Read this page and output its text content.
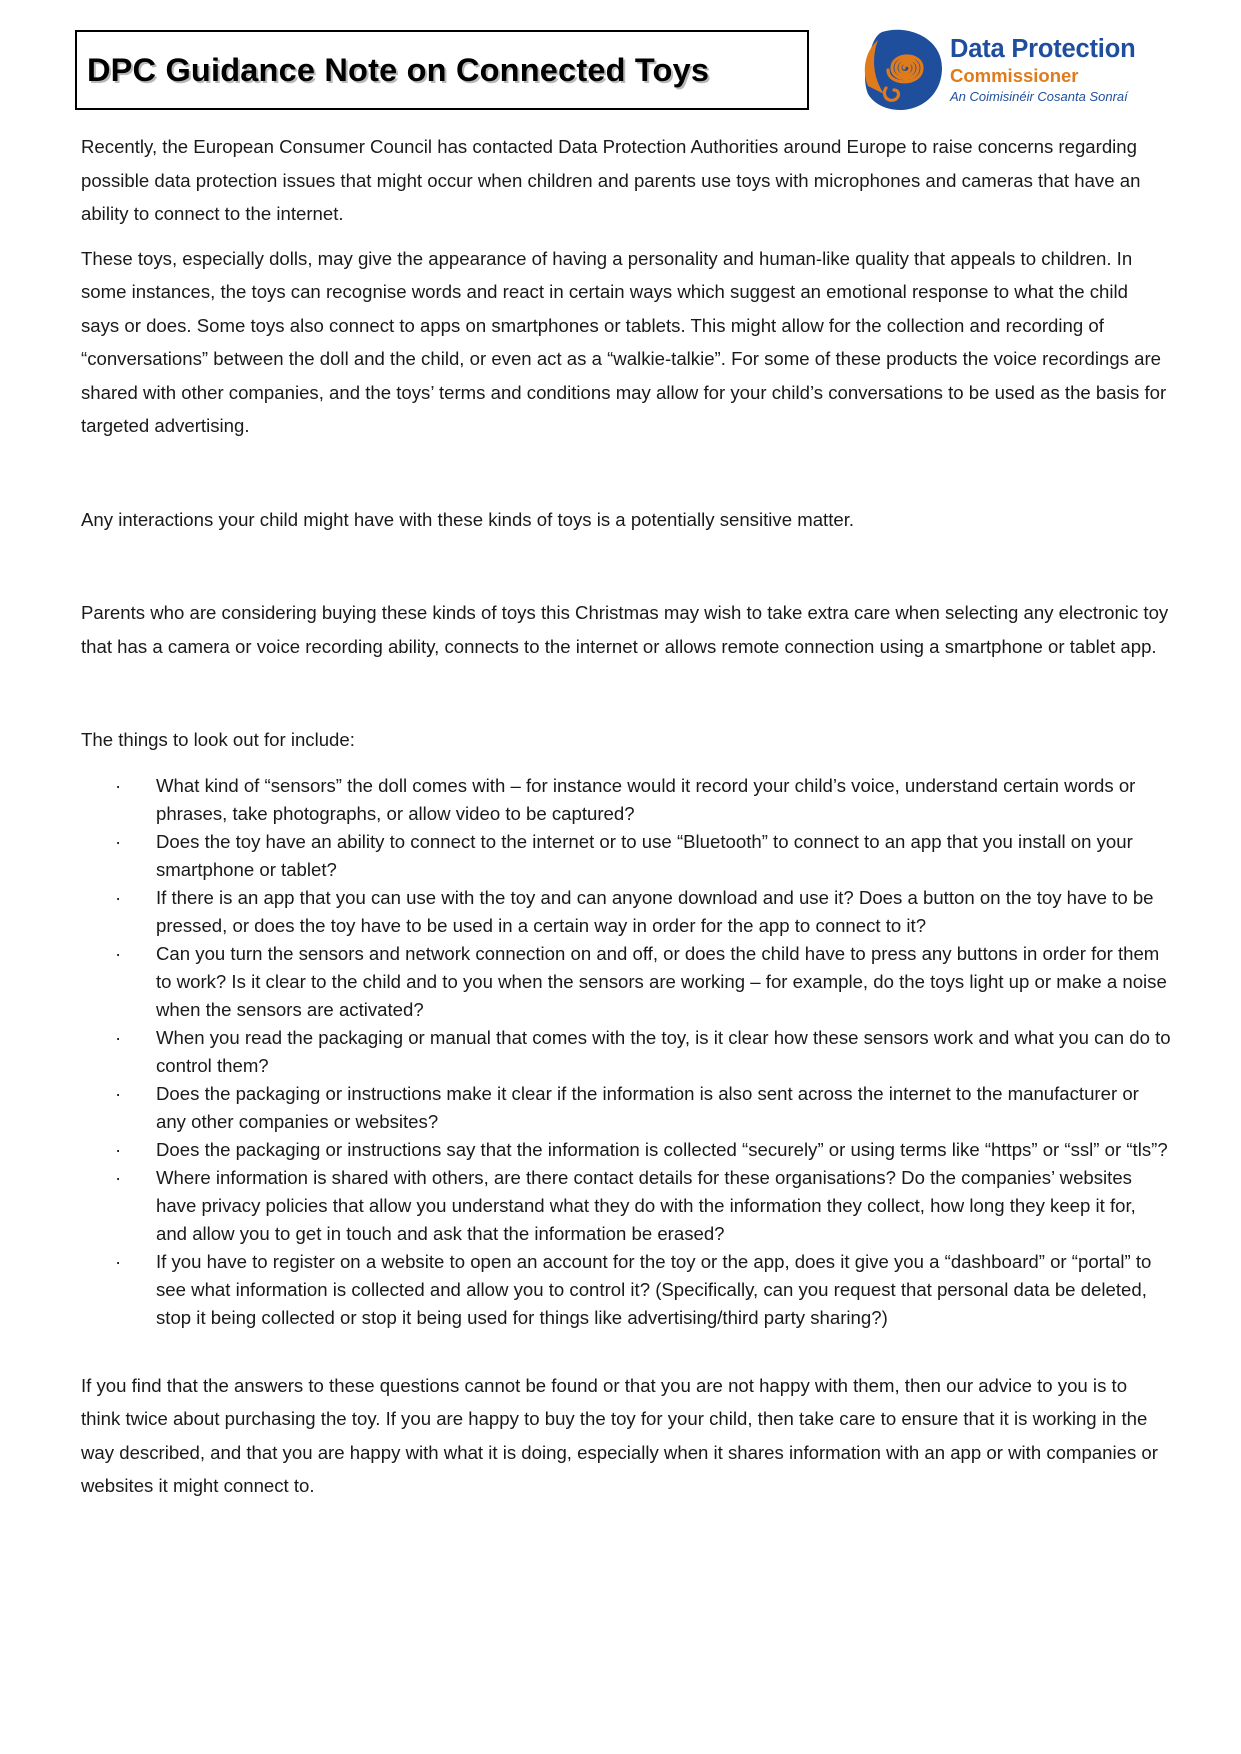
DPC Guidance Note on Connected Toys
Data Protection
Commissioner
An Coimisinéir Cosanta Sonraí

Recently, the European Consumer Council has contacted Data Protection Authorities around Europe to raise concerns regarding possible data protection issues that might occur when children and parents use toys with microphones and cameras that have an ability to connect to the internet.

These toys, especially dolls, may give the appearance of having a personality and human-like quality that appeals to children. In some instances, the toys can recognise words and react in certain ways which suggest an emotional response to what the child says or does. Some toys also connect to apps on smartphones or tablets. This might allow for the collection and recording of “conversations” between the doll and the child, or even act as a “walkie-talkie”. For some of these products the voice recordings are shared with other companies, and the toys’ terms and conditions may allow for your child’s conversations to be used as the basis for targeted advertising.

Any interactions your child might have with these kinds of toys is a potentially sensitive matter.

Parents who are considering buying these kinds of toys this Christmas may wish to take extra care when selecting any electronic toy that has a camera or voice recording ability, connects to the internet or allows remote connection using a smartphone or tablet app.

The things to look out for include:

· What kind of “sensors” the doll comes with – for instance would it record your child’s voice, understand certain words or phrases, take photographs, or allow video to be captured?
· Does the toy have an ability to connect to the internet or to use “Bluetooth” to connect to an app that you install on your smartphone or tablet?
· If there is an app that you can use with the toy and can anyone download and use it? Does a button on the toy have to be pressed, or does the toy have to be used in a certain way in order for the app to connect to it?
· Can you turn the sensors and network connection on and off, or does the child have to press any buttons in order for them to work? Is it clear to the child and to you when the sensors are working – for example, do the toys light up or make a noise when the sensors are activated?
· When you read the packaging or manual that comes with the toy, is it clear how these sensors work and what you can do to control them?
· Does the packaging or instructions make it clear if the information is also sent across the internet to the manufacturer or any other companies or websites?
· Does the packaging or instructions say that the information is collected “securely” or using terms like “https” or “ssl” or “tls”?
· Where information is shared with others, are there contact details for these organisations? Do the companies’ websites have privacy policies that allow you understand what they do with the information they collect, how long they keep it for, and allow you to get in touch and ask that the information be erased?
· If you have to register on a website to open an account for the toy or the app, does it give you a “dashboard” or “portal” to see what information is collected and allow you to control it? (Specifically, can you request that personal data be deleted, stop it being collected or stop it being used for things like advertising/third party sharing?)

If you find that the answers to these questions cannot be found or that you are not happy with them, then our advice to you is to think twice about purchasing the toy. If you are happy to buy the toy for your child, then take care to ensure that it is working in the way described, and that you are happy with what it is doing, especially when it shares information with an app or with companies or websites it might connect to.
